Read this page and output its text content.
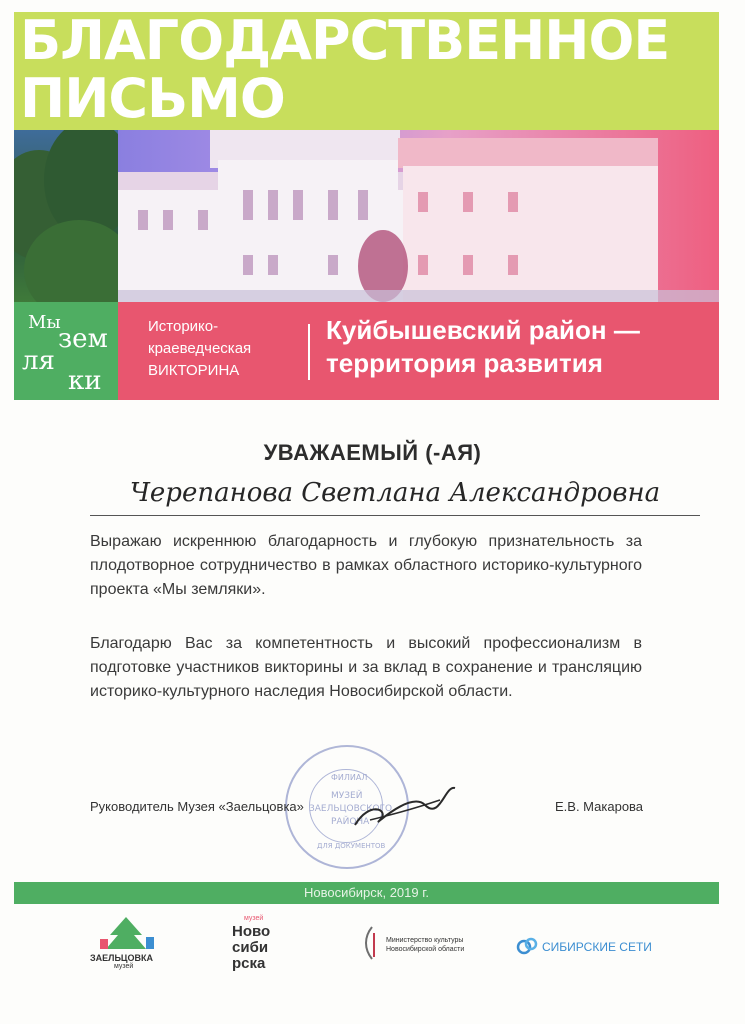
БЛАГОДАРСТВЕННОЕ
ПИСЬМО
Мы
зем
ля
ки
Историко-
краеведческая
ВИКТОРИНА
Куйбышевский район —
территория развития
УВАЖАЕМЫЙ (-АЯ)
Черепанова Светлана Александровна
Выражаю искреннюю благодарность и глубокую признательность за плодотворное сотрудничество в рамках областного историко-культурного проекта «Мы земляки».
Благодарю Вас за компетентность и высокий профессионализм в подготовке участников викторины и за вклад в сохранение и трансляцию историко-культурного наследия Новосибирской области.
ФИЛИАЛ
МУЗЕЙ
ЗАЕЛЬЦОВСКОГО
РАЙОНА
ДЛЯ ДОКУМЕНТОВ
Руководитель Музея «Заельцовка»	Е.В. Макарова
Новосибирск, 2019 г.
ЗАЕЛЬЦОВКА
музей
музей
Ново
сиби
рска
Министерство культуры
Новосибирской области	СИБИРСКИЕ СЕТИ
